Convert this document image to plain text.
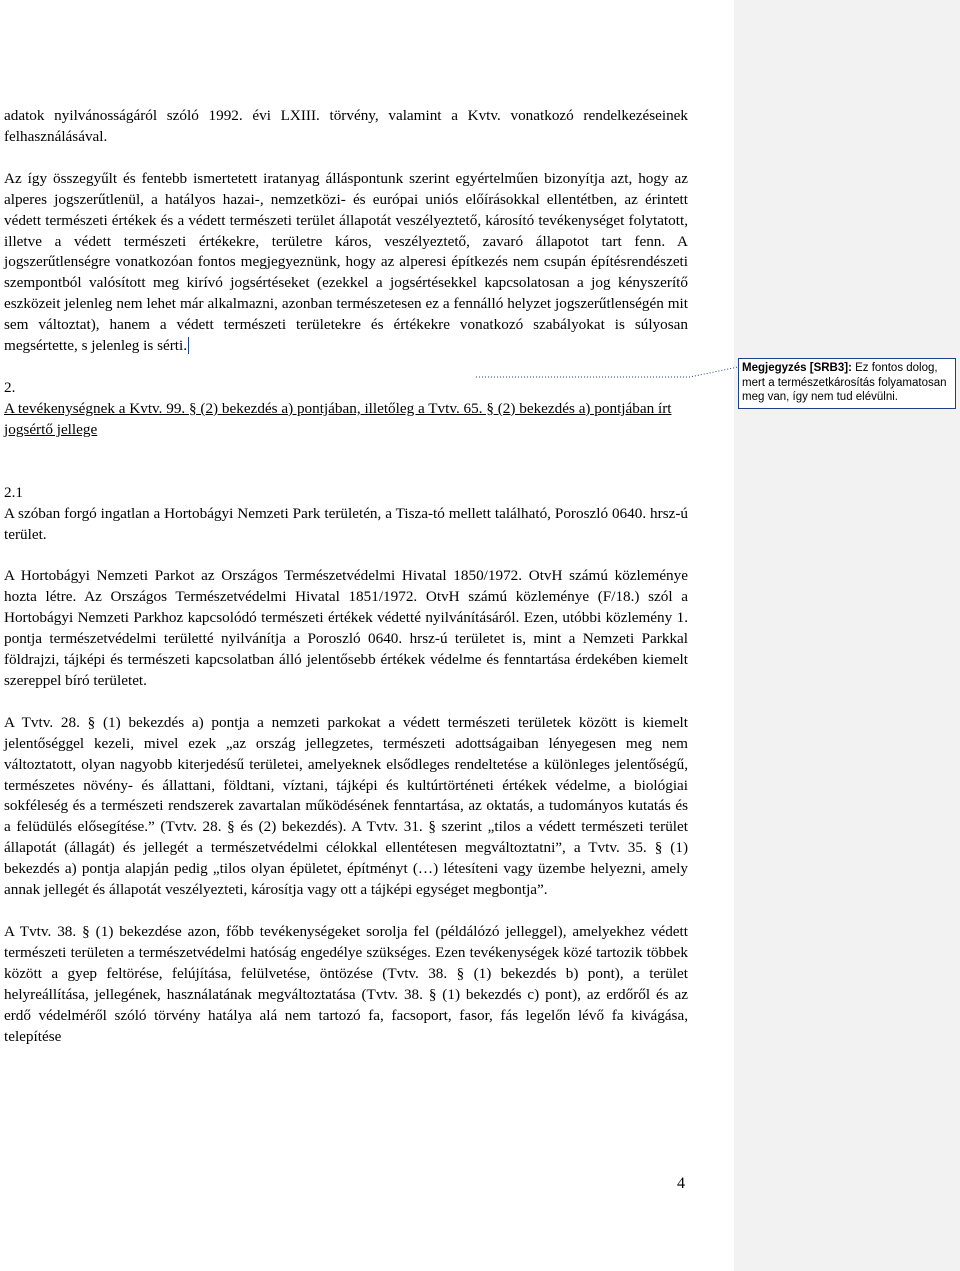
adatok nyilvánosságáról szóló 1992. évi LXIII. törvény, valamint a Kvtv. vonatkozó rendelkezéseinek felhasználásával.

Az így összegyűlt és fentebb ismertetett iratanyag álláspontunk szerint egyértelműen bizonyítja azt, hogy az alperes jogszerűtlenül, a hatályos hazai-, nemzetközi- és európai uniós előírásokkal ellentétben, az érintett védett természeti értékek és a védett természeti terület állapotát veszélyeztető, károsító tevékenységet folytatott, illetve a védett természeti értékekre, területre káros, veszélyeztető, zavaró állapotot tart fenn. A jogszerűtlenségre vonatkozóan fontos megjegyeznünk, hogy az alperesi építkezés nem csupán építésrendészeti szempontból valósított meg kirívó jogsértéseket (ezekkel a jogsértésekkel kapcsolatosan a jog kényszerítő eszközeit jelenleg nem lehet már alkalmazni, azonban természetesen ez a fennálló helyzet jogszerűtlenségén mit sem változtat), hanem a védett természeti területekre és értékekre vonatkozó szabályokat is súlyosan megsértette, s jelenleg is sérti.

2.

A tevékenységnek a Kvtv. 99. § (2) bekezdés a) pontjában, illetőleg a Tvtv. 65. § (2) bekezdés a) pontjában írt jogsértő jellege

2.1

A szóban forgó ingatlan a Hortobágyi Nemzeti Park területén, a Tisza-tó mellett található, Poroszló 0640. hrsz-ú terület.

A Hortobágyi Nemzeti Parkot az Országos Természetvédelmi Hivatal 1850/1972. OtvH számú közleménye hozta létre. Az Országos Természetvédelmi Hivatal 1851/1972. OtvH számú közleménye (F/18.) szól a Hortobágyi Nemzeti Parkhoz kapcsolódó természeti értékek védetté nyilvánításáról. Ezen, utóbbi közlemény 1. pontja természetvédelmi területté nyilvánítja a Poroszló 0640. hrsz-ú területet is, mint a Nemzeti Parkkal földrajzi, tájképi és természeti kapcsolatban álló jelentősebb értékek védelme és fenntartása érdekében kiemelt szereppel bíró területet.

A Tvtv. 28. § (1) bekezdés a) pontja a nemzeti parkokat a védett természeti területek között is kiemelt jelentőséggel kezeli, mivel ezek „az ország jellegzetes, természeti adottságaiban lényegesen meg nem változtatott, olyan nagyobb kiterjedésű területei, amelyeknek elsődleges rendeltetése a különleges jelentőségű, természetes növény- és állattani, földtani, víztani, tájképi és kultúrtörténeti értékek védelme, a biológiai sokféleség és a természeti rendszerek zavartalan működésének fenntartása, az oktatás, a tudományos kutatás és a felüdülés elősegítése.” (Tvtv. 28. § és (2) bekezdés). A Tvtv. 31. § szerint „tilos a védett természeti terület állapotát (állagát) és jellegét a természetvédelmi célokkal ellentétesen megváltoztatni”, a Tvtv. 35. § (1) bekezdés a) pontja alapján pedig „tilos olyan épületet, építményt (…) létesíteni vagy üzembe helyezni, amely annak jellegét és állapotát veszélyezteti, károsítja vagy ott a tájképi egységet megbontja”.

A Tvtv. 38. § (1) bekezdése azon, főbb tevékenységeket sorolja fel (példálózó jelleggel), amelyekhez védett természeti területen a természetvédelmi hatóság engedélye szükséges. Ezen tevékenységek közé tartozik többek között a gyep feltörése, felújítása, felülvetése, öntözése (Tvtv. 38. § (1) bekezdés b) pont), a terület helyreállítása, jellegének, használatának megváltoztatása (Tvtv. 38. § (1) bekezdés c) pont), az erdőről és az erdő védelméről szóló törvény hatálya alá nem tartozó fa, facsoport, fasor, fás legelőn lévő fa kivágása, telepítése

Megjegyzés [SRB3]: Ez fontos dolog, mert a természetkárosítás folyamatosan meg van, így nem tud elévülni.
4
